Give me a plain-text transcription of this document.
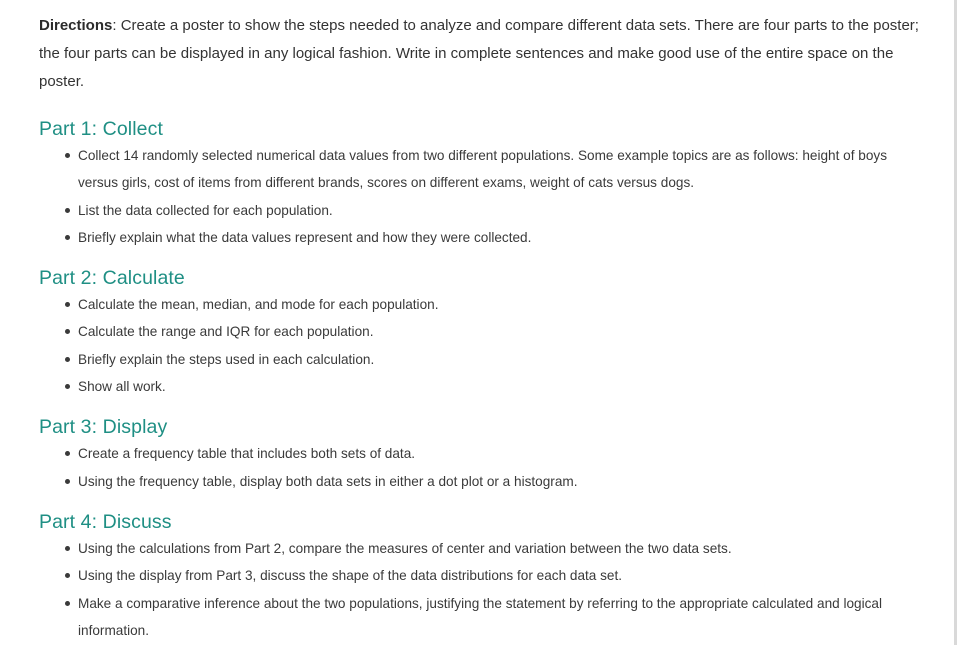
Directions: Create a poster to show the steps needed to analyze and compare different data sets. There are four parts to the poster; the four parts can be displayed in any logical fashion. Write in complete sentences and make good use of the entire space on the poster.

Part 1: Collect
Collect 14 randomly selected numerical data values from two different populations. Some example topics are as follows: height of boys versus girls, cost of items from different brands, scores on different exams, weight of cats versus dogs.
List the data collected for each population.
Briefly explain what the data values represent and how they were collected.
Part 2: Calculate
Calculate the mean, median, and mode for each population.
Calculate the range and IQR for each population.
Briefly explain the steps used in each calculation.
Show all work.
Part 3: Display
Create a frequency table that includes both sets of data.
Using the frequency table, display both data sets in either a dot plot or a histogram.
Part 4: Discuss
Using the calculations from Part 2, compare the measures of center and variation between the two data sets.
Using the display from Part 3, discuss the shape of the data distributions for each data set.
Make a comparative inference about the two populations, justifying the statement by referring to the appropriate calculated and logical information.
